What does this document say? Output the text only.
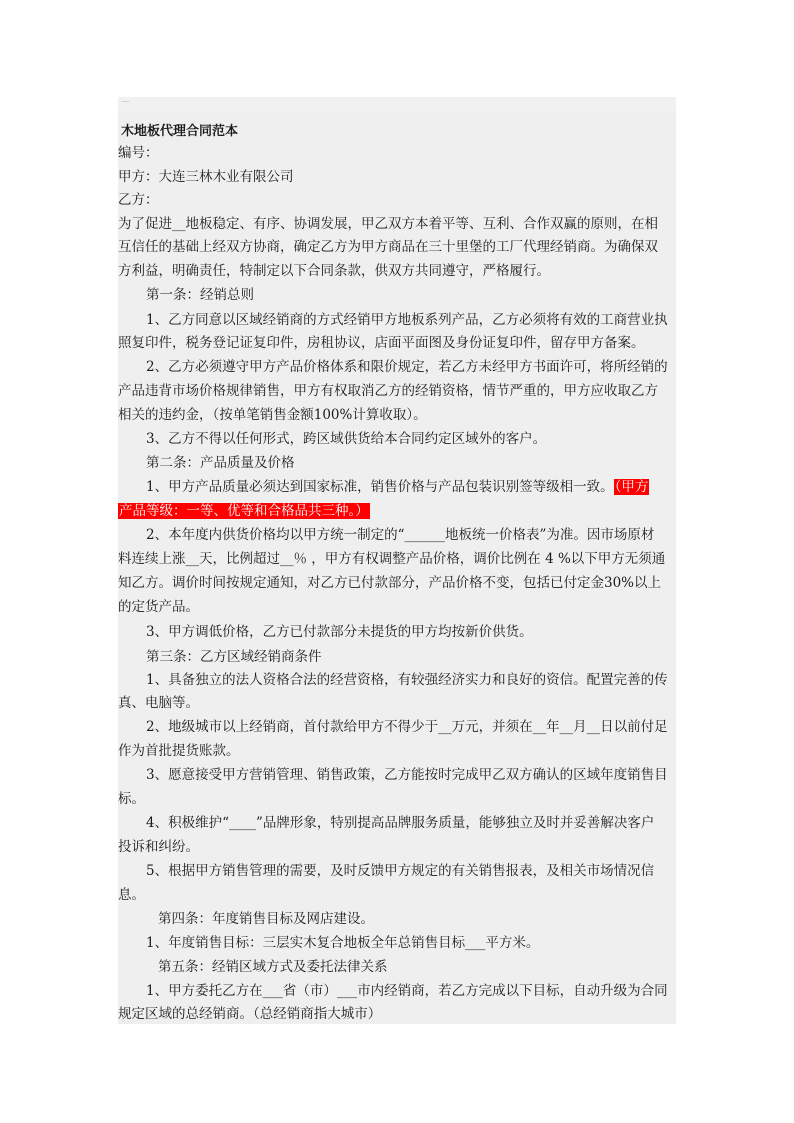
木地板代理合同范本
编号：
甲方：大连三林木业有限公司
乙方：
为了促进__地板稳定、有序、协调发展，甲乙双方本着平等、互利、合作双赢的原则，在相
互信任的基础上经双方协商，确定乙方为甲方商品在三十里堡的工厂代理经销商。为确保双
方利益，明确责任，特制定以下合同条款，供双方共同遵守，严格履行。
第一条：经销总则
1、乙方同意以区域经销商的方式经销甲方地板系列产品，乙方必须将有效的工商营业执
照复印件，税务登记证复印件，房租协议，店面平面图及身份证复印件，留存甲方备案。
2、乙方必须遵守甲方产品价格体系和限价规定，若乙方未经甲方书面许可，将所经销的
产品违背市场价格规律销售，甲方有权取消乙方的经销资格，情节严重的，甲方应收取乙方
相关的违约金，（按单笔销售金额100%计算收取）。
3、乙方不得以任何形式，跨区域供货给本合同约定区域外的客户。
第二条：产品质量及价格
1、甲方产品质量必须达到国家标准，销售价格与产品包装识别签等级相一致。（甲方
产品等级：一等、优等和合格品共三种。）
2、本年度内供货价格均以甲方统一制定的“______地板统一价格表”为准。因市场原材
料连续上涨__天，比例超过__％ ，甲方有权调整产品价格，调价比例在 4 %以下甲方无须通
知乙方。调价时间按规定通知，对乙方已付款部分，产品价格不变，包括已付定金30%以上
的定货产品。
3、甲方调低价格，乙方已付款部分未提货的甲方均按新价供货。
第三条：乙方区域经销商条件
1、具备独立的法人资格合法的经营资格，有较强经济实力和良好的资信。配置完善的传
真、电脑等。
2、地级城市以上经销商，首付款给甲方不得少于__万元，并须在__年__月__日以前付足
作为首批提货账款。
3、愿意接受甲方营销管理、销售政策，乙方能按时完成甲乙双方确认的区域年度销售目
标。
4、积极维护“____”品牌形象，特别提高品牌服务质量，能够独立及时并妥善解决客户
投诉和纠纷。
5、根据甲方销售管理的需要，及时反馈甲方规定的有关销售报表，及相关市场情况信
息。
第四条：年度销售目标及网店建设。
1、年度销售目标：三层实木复合地板全年总销售目标___平方米。
第五条：经销区域方式及委托法律关系
1、甲方委托乙方在___省（市）___市内经销商，若乙方完成以下目标，自动升级为合同
规定区域的总经销商。（总经销商指大城市）
